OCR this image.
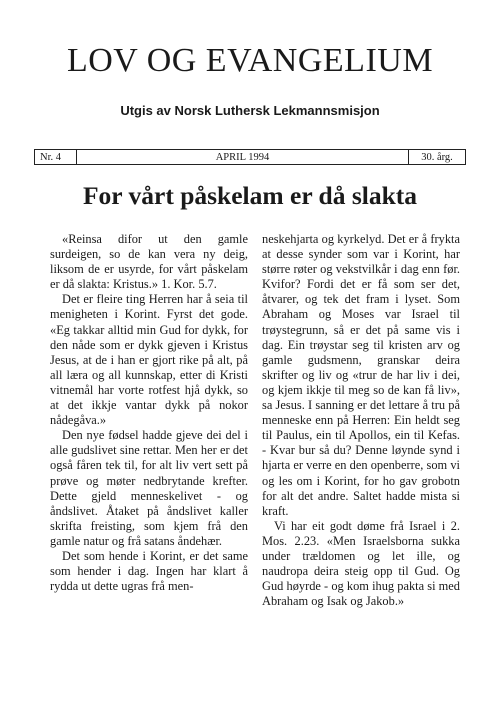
LOV OG EVANGELIUM
Utgis av Norsk Luthersk Lekmannsmisjon
Nr. 4	APRIL 1994	30. årg.
For vårt påskelam er då slakta

«Reinsa difor ut den gamle surdeigen, so de kan vera ny deig, liksom de er usyrde, for vårt påskelam er då slakta: Kristus.» 1. Kor. 5.7.

Det er fleire ting Herren har å seia til menigheten i Korint. Fyrst det gode. «Eg takkar alltid min Gud for dykk, for den nåde som er dykk gjeven i Kristus Jesus, at de i han er gjort rike på alt, på all læra og all kunnskap, etter di Kristi vitnemål har vorte rotfest hjå dykk, so at det ikkje vantar dykk på nokor nådegåva.»

Den nye fødsel hadde gjeve dei del i alle gudslivet sine rettar. Men her er det også fåren tek til, for alt liv vert sett på prøve og møter nedbrytande krefter. Dette gjeld menneskelivet - og åndslivet. Åtaket på åndslivet kaller skrifta freisting, som kjem frå den gamle natur og frå satans åndehær.

Det som hende i Korint, er det same som hender i dag. Ingen har klart å rydda ut dette ugras frå men-

neskehjarta og kyrkelyd. Det er å frykta at desse synder som var i Korint, har større røter og vekstvilkår i dag enn før. Kvifor? Fordi det er få som ser det, åtvarer, og tek det fram i lyset. Som Abraham og Moses var Israel til trøystegrunn, så er det på same vis i dag. Ein trøystar seg til kristen arv og gamle gudsmenn, granskar deira skrifter og liv og «trur de har liv i dei, og kjem ikkje til meg so de kan få liv», sa Jesus. I sanning er det lettare å tru på menneske enn på Herren: Ein heldt seg til Paulus, ein til Apollos, ein til Kefas. - Kvar bur så du? Denne løynde synd i hjarta er verre en den openberre, som vi og les om i Korint, for ho gav grobotn for alt det andre. Saltet hadde mista si kraft.

Vi har eit godt døme frå Israel i 2. Mos. 2.23. «Men Israelsborna sukka under trældomen og let ille, og naudropa deira steig opp til Gud. Og Gud høyrde - og kom ihug pakta si med Abraham og Isak og Jakob.»
